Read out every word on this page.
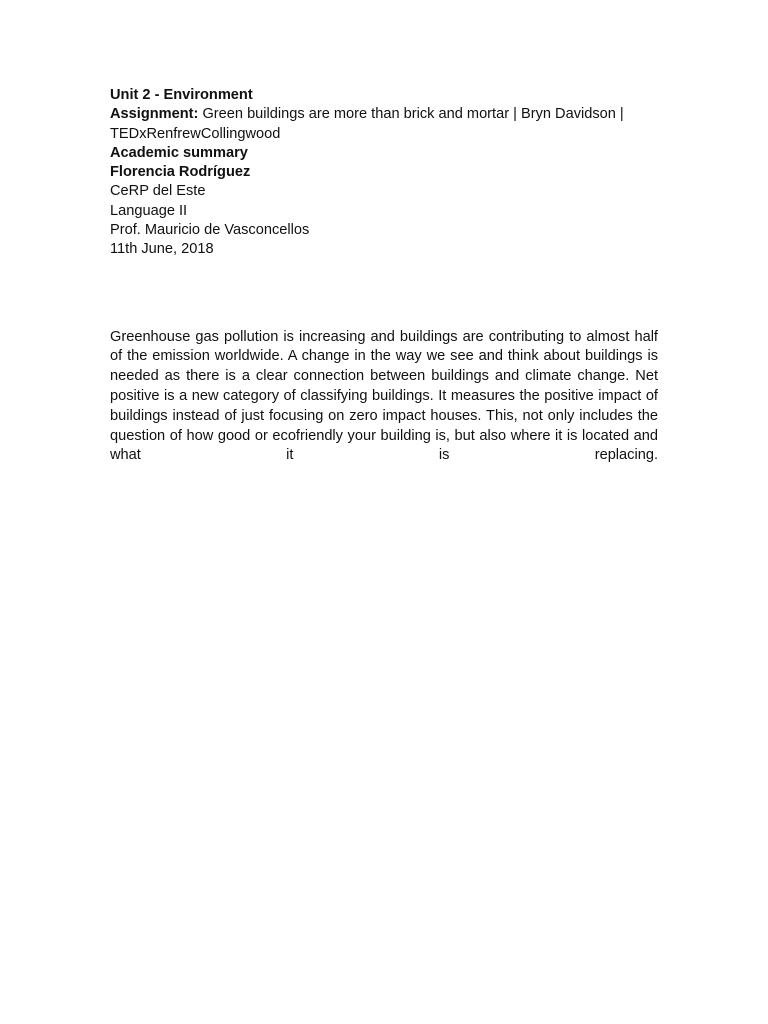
Unit 2 - Environment
Assignment: Green buildings are more than brick and mortar | Bryn Davidson | TEDxRenfrewCollingwood
Academic summary
Florencia Rodríguez
CeRP del Este
Language II
Prof. Mauricio de Vasconcellos
11th June, 2018

Greenhouse gas pollution is increasing and buildings are contributing to almost half of the emission worldwide. A change in the way we see and think about buildings is needed as there is a clear connection between buildings and climate change. Net positive is a new category of classifying buildings. It measures the positive impact of buildings instead of just focusing on zero impact houses. This, not only includes the question of how good or ecofriendly your building is, but also where it is located and what it is replacing.
